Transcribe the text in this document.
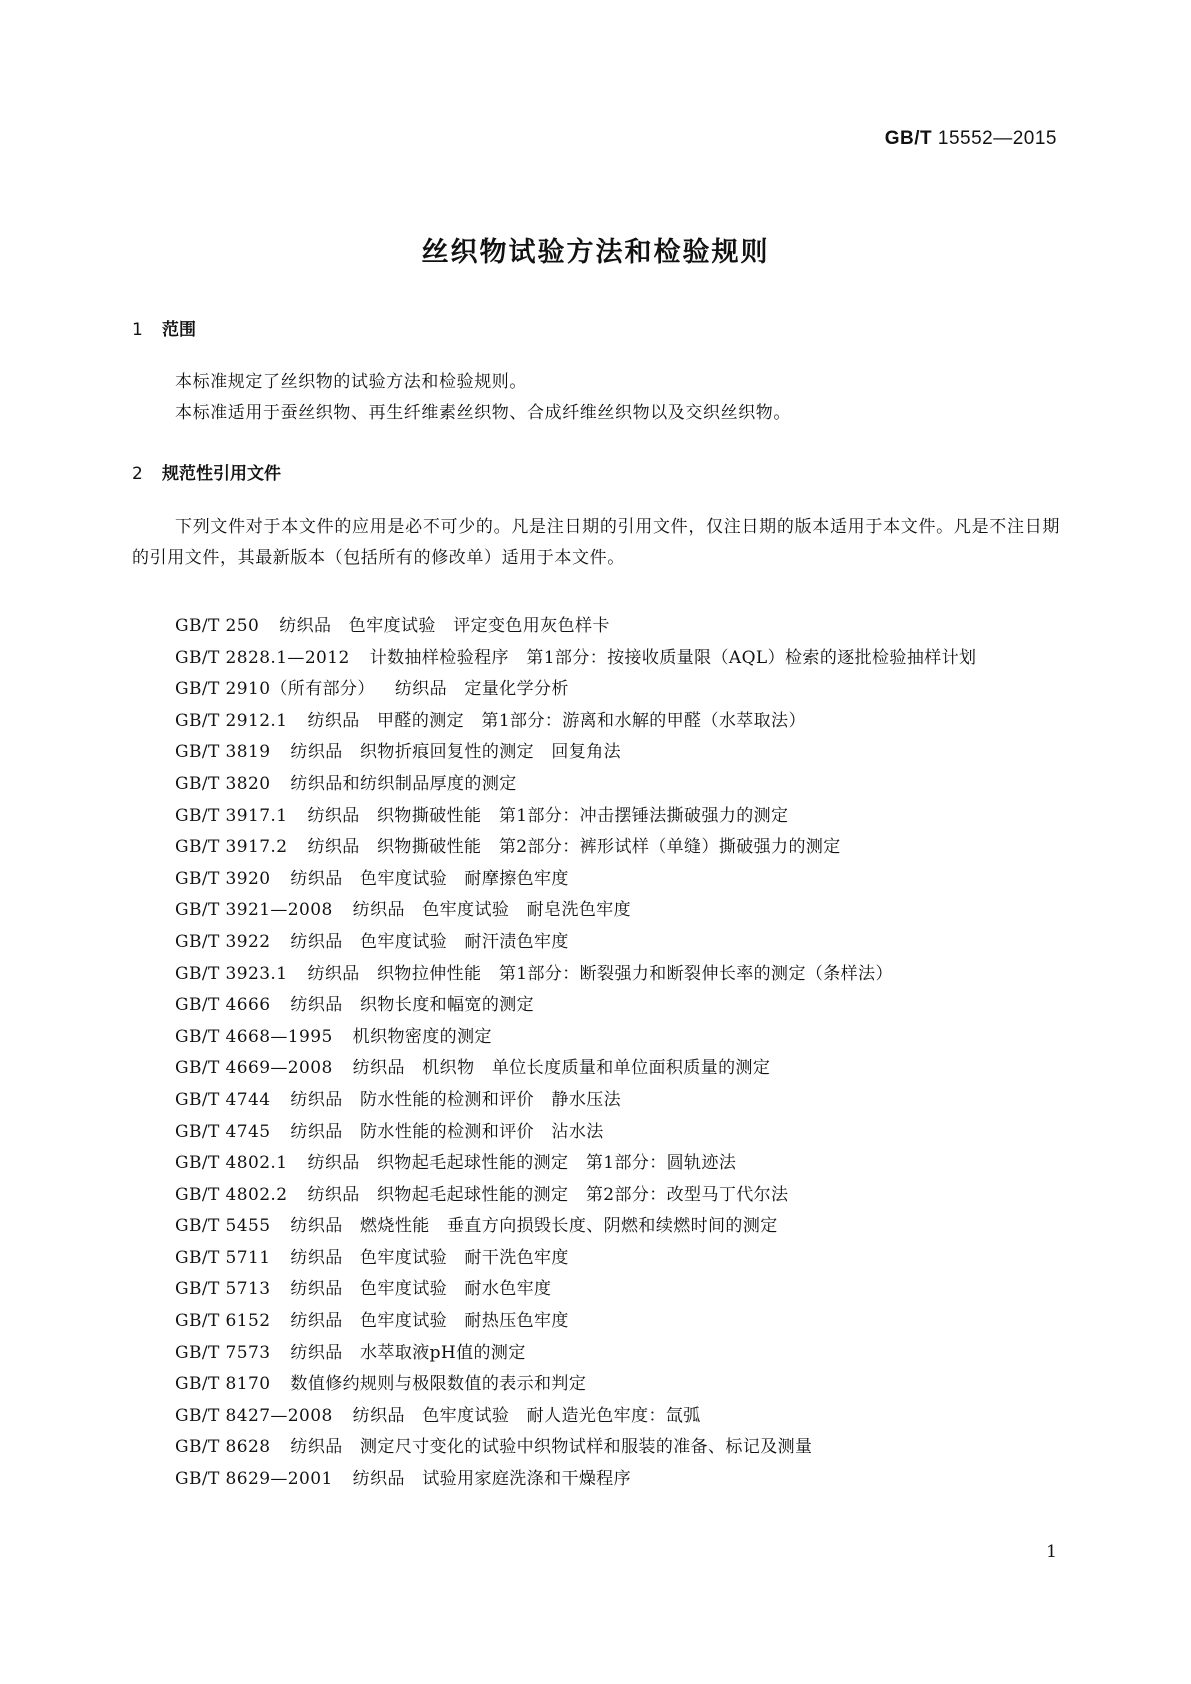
GB/T 15552—2015
丝织物试验方法和检验规则
1 范围
本标准规定了丝织物的试验方法和检验规则。
本标准适用于蚕丝织物、再生纤维素丝织物、合成纤维丝织物以及交织丝织物。
2 规范性引用文件
下列文件对于本文件的应用是必不可少的。凡是注日期的引用文件，仅注日期的版本适用于本文件。凡是不注日期的引用文件，其最新版本（包括所有的修改单）适用于本文件。
GB/T 250 纺织品　色牢度试验　评定变色用灰色样卡
GB/T 2828.1—2012 计数抽样检验程序　第1部分：按接收质量限（AQL）检索的逐批检验抽样计划
GB/T 2910（所有部分） 纺织品　定量化学分析
GB/T 2912.1 纺织品　甲醛的测定　第1部分：游离和水解的甲醛（水萃取法）
GB/T 3819 纺织品　织物折痕回复性的测定　回复角法
GB/T 3820 纺织品和纺织制品厚度的测定
GB/T 3917.1 纺织品　织物撕破性能　第1部分：冲击摆锤法撕破强力的测定
GB/T 3917.2 纺织品　织物撕破性能　第2部分：裤形试样（单缝）撕破强力的测定
GB/T 3920 纺织品　色牢度试验　耐摩擦色牢度
GB/T 3921—2008 纺织品　色牢度试验　耐皂洗色牢度
GB/T 3922 纺织品　色牢度试验　耐汗渍色牢度
GB/T 3923.1 纺织品　织物拉伸性能　第1部分：断裂强力和断裂伸长率的测定（条样法）
GB/T 4666 纺织品　织物长度和幅宽的测定
GB/T 4668—1995 机织物密度的测定
GB/T 4669—2008 纺织品　机织物　单位长度质量和单位面积质量的测定
GB/T 4744 纺织品　防水性能的检测和评价　静水压法
GB/T 4745 纺织品　防水性能的检测和评价　沾水法
GB/T 4802.1 纺织品　织物起毛起球性能的测定　第1部分：圆轨迹法
GB/T 4802.2 纺织品　织物起毛起球性能的测定　第2部分：改型马丁代尔法
GB/T 5455 纺织品　燃烧性能　垂直方向损毁长度、阴燃和续燃时间的测定
GB/T 5711 纺织品　色牢度试验　耐干洗色牢度
GB/T 5713 纺织品　色牢度试验　耐水色牢度
GB/T 6152 纺织品　色牢度试验　耐热压色牢度
GB/T 7573 纺织品　水萃取液pH值的测定
GB/T 8170 数值修约规则与极限数值的表示和判定
GB/T 8427—2008 纺织品　色牢度试验　耐人造光色牢度：氙弧
GB/T 8628 纺织品　测定尺寸变化的试验中织物试样和服装的准备、标记及测量
GB/T 8629—2001 纺织品　试验用家庭洗涤和干燥程序
1
